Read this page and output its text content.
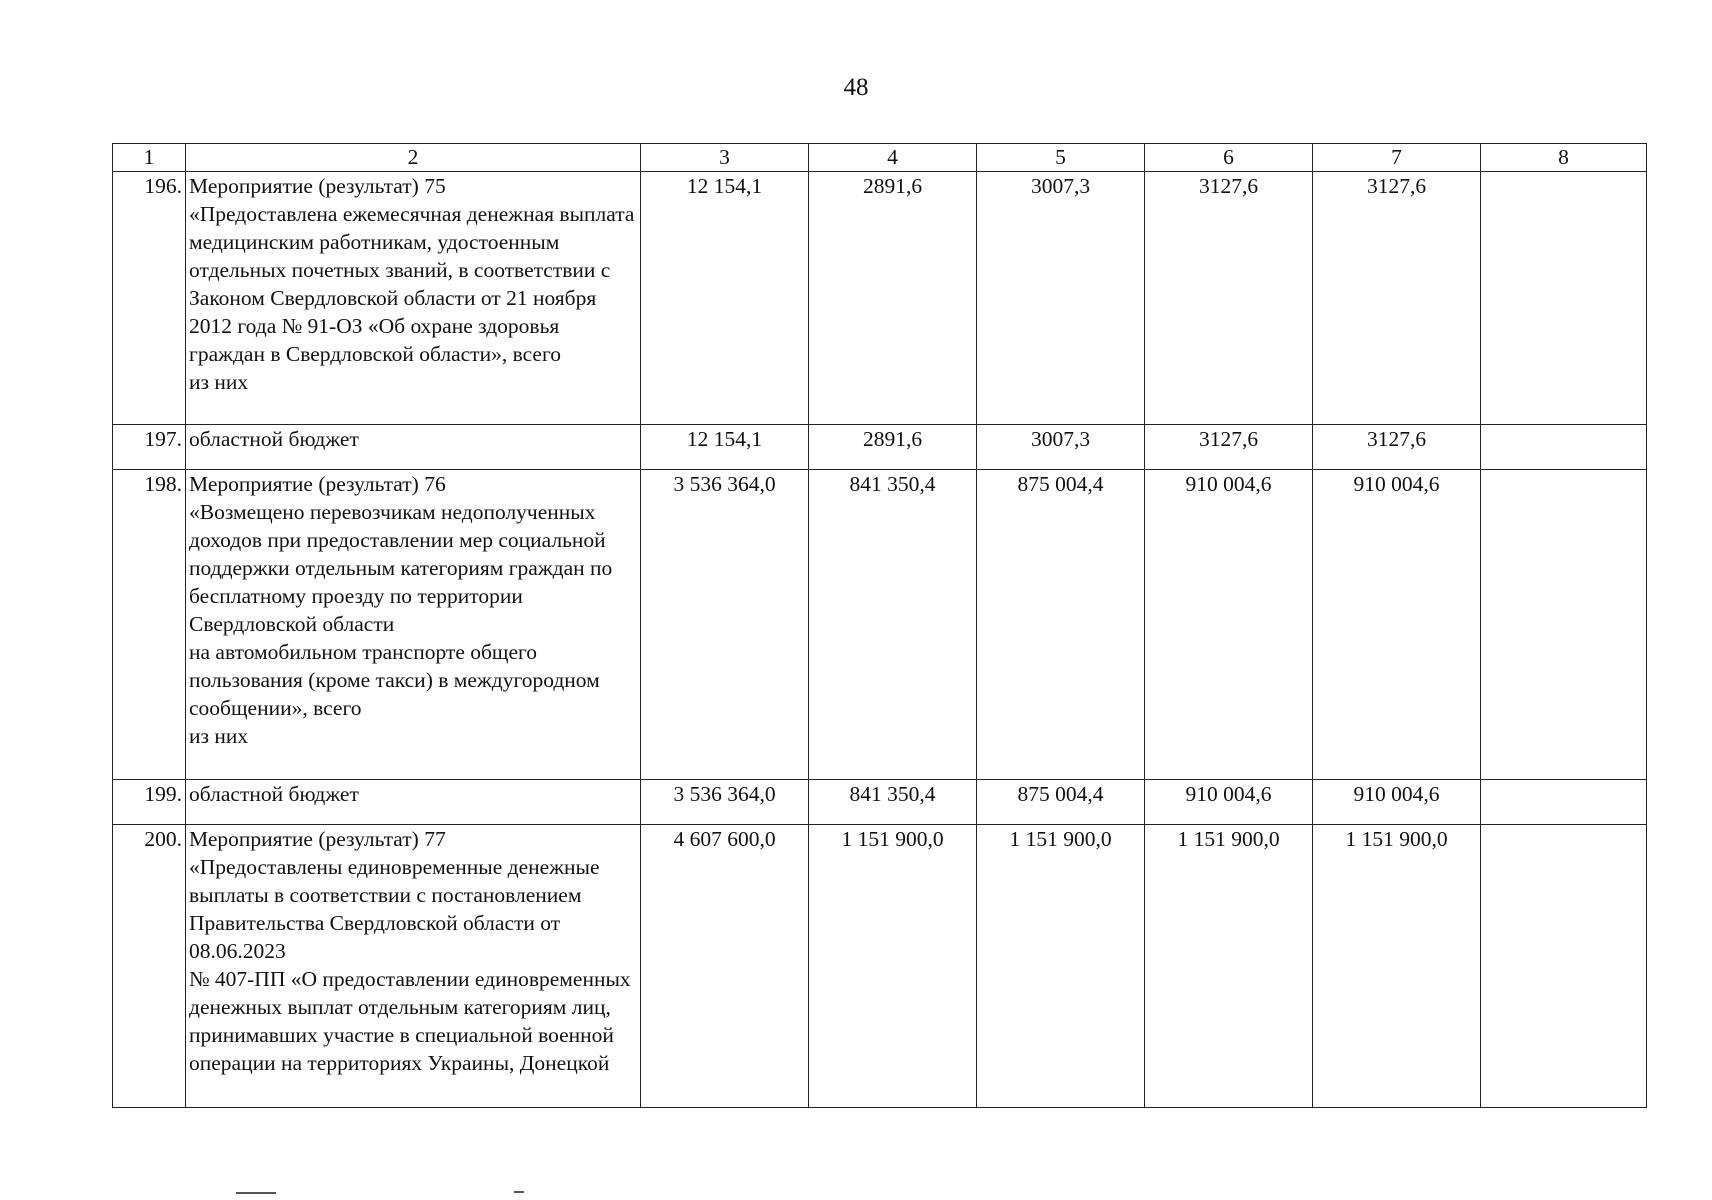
48
1	2	3	4	5	6	7	8
196.	Мероприятие (результат) 75
«Предоставлена ежемесячная денежная выплата медицинским работникам, удостоенным отдельных почетных званий, в соответствии с Законом Свердловской области от 21 ноября 2012 года № 91-ОЗ «Об охране здоровья граждан в Свердловской области», всего
из них	12 154,1	2891,6	3007,3	3127,6	3127,6	
197.	областной бюджет	12 154,1	2891,6	3007,3	3127,6	3127,6	
198.	Мероприятие (результат) 76
«Возмещено перевозчикам недополученных доходов при предоставлении мер социальной поддержки отдельным категориям граждан по бесплатному проезду по территории Свердловской области
на автомобильном транспорте общего пользования (кроме такси) в междугородном сообщении», всего
из них	3 536 364,0	841 350,4	875 004,4	910 004,6	910 004,6	
199.	областной бюджет	3 536 364,0	841 350,4	875 004,4	910 004,6	910 004,6	
200.	Мероприятие (результат) 77
«Предоставлены единовременные денежные выплаты в соответствии с постановлением Правительства Свердловской области от 08.06.2023
№ 407-ПП «О предоставлении единовременных денежных выплат отдельным категориям лиц, принимавших участие в специальной военной операции на территориях Украины, Донецкой	4 607 600,0	1 151 900,0	1 151 900,0	1 151 900,0	1 151 900,0	
